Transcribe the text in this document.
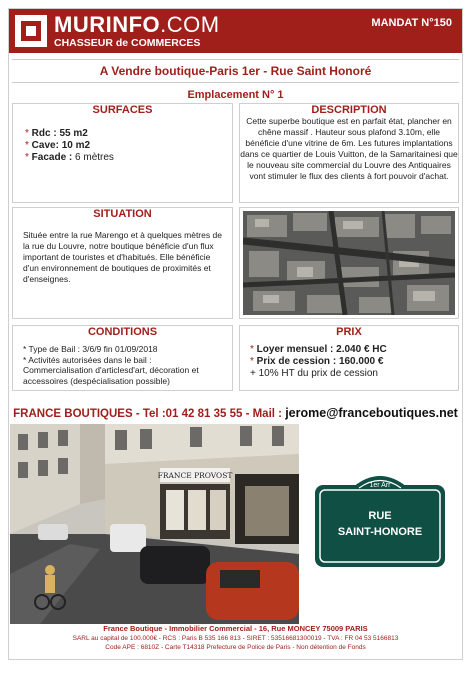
MURINFO.COM
CHASSEUR de COMMERCES
MANDAT N°150
A Vendre boutique-Paris 1er - Rue Saint Honoré
Emplacement N° 1
SURFACES
* Rdc : 55 m2
* Cave: 10 m2
* Facade : 6 mètres
DESCRIPTION
Cette superbe boutique est en parfait état, plancher en chêne massif . Hauteur sous plafond 3.10m, elle bénéficie d'une vitrine de 6m. Les futures implantations dans ce quartier de Louis Vuitton, de la Samaritainesi que le nouveau site commercial du Louvre des Antiquaires vont stimuler le flux des clients à fort pouvoir d'achat.
SITUATION
Située entre la rue Marengo et à quelques mètres de la rue du Louvre, notre boutique bénéficie d'un flux important de touristes et d'habitués. Elle bénéficie d'un environnement de boutiques de proximités et d'enseignes.
CONDITIONS
* Type de Bail : 3/6/9 fin 01/09/2018
* Activités autorisées dans le bail :
Commercialisation d'articlesd'art, décoration et
accessoires (despécialisation possible)
PRIX
* Loyer mensuel : 2.040 € HC
* Prix de cession : 160.000 €
+ 10% HT du prix de cession
FRANCE BOUTIQUES - Tel :01 42 81 35 55 - Mail : jerome@franceboutiques.net
FRANCE PROVOST
1er Arr
RUE
SAINT-HONORE
France Boutique - Immobilier Commercial - 16, Rue MONCEY 75009 PARIS
SARL au capital de 100.000€ - RCS : Paris B 535 166 813 - SIRET : 53516681300019 - TVA : FR 04 53 5166813
Code APE : 6810Z - Carte T14318 Prefecture de Police de Paris - Non détention de Fonds
